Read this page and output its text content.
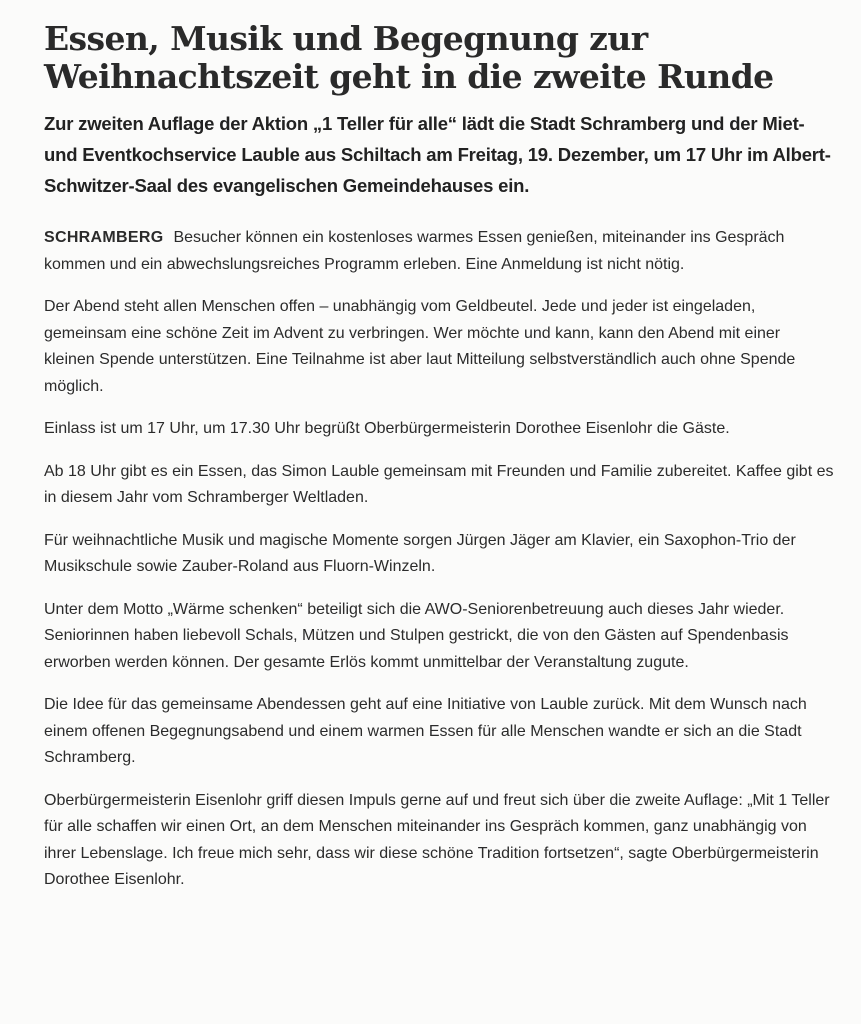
Essen, Musik und Begegnung zur
Weihnachtszeit geht in die zweite Runde

Zur zweiten Auflage der Aktion „1 Teller für alle“ lädt die Stadt Schramberg und der Miet- und Eventkochservice Lauble aus Schiltach am Freitag, 19. Dezember, um 17 Uhr im Albert-Schwitzer-Saal des evangelischen Gemeindehauses ein.

SCHRAMBERG Besucher können ein kostenloses warmes Essen genießen, miteinander ins Gespräch kommen und ein abwechslungsreiches Programm erleben. Eine Anmeldung ist nicht nötig.

Der Abend steht allen Menschen offen – unabhängig vom Geldbeutel. Jede und jeder ist eingeladen, gemeinsam eine schöne Zeit im Advent zu verbringen. Wer möchte und kann, kann den Abend mit einer kleinen Spende unterstützen. Eine Teilnahme ist aber laut Mitteilung selbstverständlich auch ohne Spende möglich.

Einlass ist um 17 Uhr, um 17.30 Uhr begrüßt Oberbürgermeisterin Dorothee Eisenlohr die Gäste.

Ab 18 Uhr gibt es ein Essen, das Simon Lauble gemeinsam mit Freunden und Familie zubereitet. Kaffee gibt es in diesem Jahr vom Schramberger Weltladen.

Für weihnachtliche Musik und magische Momente sorgen Jürgen Jäger am Klavier, ein Saxophon-Trio der Musikschule sowie Zauber-Roland aus Fluorn-Winzeln.

Unter dem Motto „Wärme schenken“ beteiligt sich die AWO-Seniorenbetreuung auch dieses Jahr wieder. Seniorinnen haben liebevoll Schals, Mützen und Stulpen gestrickt, die von den Gästen auf Spendenbasis erworben werden können. Der gesamte Erlös kommt unmittelbar der Veranstaltung zugute.

Die Idee für das gemeinsame Abendessen geht auf eine Initiative von Lauble zurück. Mit dem Wunsch nach einem offenen Begegnungsabend und einem warmen Essen für alle Menschen wandte er sich an die Stadt Schramberg.

Oberbürgermeisterin Eisenlohr griff diesen Impuls gerne auf und freut sich über die zweite Auflage: „Mit 1 Teller für alle schaffen wir einen Ort, an dem Menschen miteinander ins Gespräch kommen, ganz unabhängig von ihrer Lebenslage. Ich freue mich sehr, dass wir diese schöne Tradition fortsetzen“, sagte Oberbürgermeisterin Dorothee Eisenlohr.
